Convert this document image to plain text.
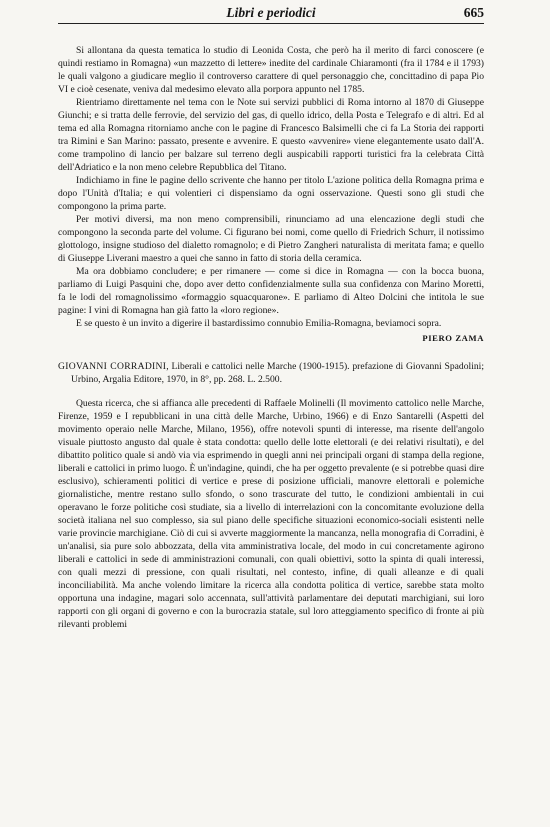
Libri e periodici	665

Si allontana da questa tematica lo studio di Leonida Costa, che però ha il merito di farci conoscere (e quindi restiamo in Romagna) «un mazzetto di lettere» inedite del cardinale Chiaramonti (fra il 1784 e il 1793) le quali valgono a giudicare meglio il controverso carattere di quel personaggio che, concittadino di papa Pio VI e cioè cesenate, veniva dal medesimo elevato alla porpora appunto nel 1785.

Rientriamo direttamente nel tema con le Note sui servizi pubblici di Roma intorno al 1870 di Giuseppe Giunchi; e si tratta delle ferrovie, del servizio del gas, di quello idrico, della Posta e Telegrafo e di altri. Ed al tema ed alla Romagna ritorniamo anche con le pagine di Francesco Balsimelli che ci fa La Storia dei rapporti tra Rimini e San Marino: passato, presente e avvenire. E questo «avvenire» viene elegantemente usato dall'A. come trampolino di lancio per balzare sul terreno degli auspicabili rapporti turistici fra la celebrata Città dell'Adriatico e la non meno celebre Repubblica del Titano.

Indichiamo in fine le pagine dello scrivente che hanno per titolo L'azione politica della Romagna prima e dopo l'Unità d'Italia; e qui volentieri ci dispensiamo da ogni osservazione. Questi sono gli studi che compongono la prima parte.

Per motivi diversi, ma non meno comprensibili, rinunciamo ad una elencazione degli studi che compongono la seconda parte del volume. Ci figurano bei nomi, come quello di Friedrich Schurr, il notissimo glottologo, insigne studioso del dialetto romagnolo; e di Pietro Zangheri naturalista di meritata fama; e quello di Giuseppe Liverani maestro a quei che sanno in fatto di storia della ceramica.

Ma ora dobbiamo concludere; e per rimanere — come si dice in Romagna — con la bocca buona, parliamo di Luigi Pasquini che, dopo aver detto confidenzialmente sulla sua confidenza con Marino Moretti, fa le lodi del romagnolissimo «formaggio squacquarone». E parliamo di Alteo Dolcini che intitola le sue pagine: I vini di Romagna han già fatto la «loro regione».

E se questo è un invito a digerire il bastardissimo connubio Emilia-Romagna, beviamoci sopra.

PIERO ZAMA
GIOVANNI CORRADINI, Liberali e cattolici nelle Marche (1900-1915). prefazione di Giovanni Spadolini; Urbino, Argalia Editore, 1970, in 8°, pp. 268. L. 2.500.

Questa ricerca, che si affianca alle precedenti di Raffaele Molinelli (Il movimento cattolico nelle Marche, Firenze, 1959 e I repubblicani in una città delle Marche, Urbino, 1966) e di Enzo Santarelli (Aspetti del movimento operaio nelle Marche, Milano, 1956), offre notevoli spunti di interesse, ma risente dell'angolo visuale piuttosto angusto dal quale è stata condotta: quello delle lotte elettorali (e dei relativi risultati), e del dibattito politico quale si andò via via esprimendo in quegli anni nei principali organi di stampa della regione, liberali e cattolici in primo luogo. È un'indagine, quindi, che ha per oggetto prevalente (e si potrebbe quasi dire esclusivo), schieramenti politici di vertice e prese di posizione ufficiali, manovre elettorali e polemiche giornalistiche, mentre restano sullo sfondo, o sono trascurate del tutto, le condizioni ambientali in cui operavano le forze politiche così studiate, sia a livello di interrelazioni con la concomitante evoluzione della società italiana nel suo complesso, sia sul piano delle specifiche situazioni economico-sociali esistenti nelle varie provincie marchigiane. Ciò di cui si avverte maggiormente la mancanza, nella monografia di Corradini, è un'analisi, sia pure solo abbozzata, della vita amministrativa locale, del modo in cui concretamente agirono liberali e cattolici in sede di amministrazioni comunali, con quali obiettivi, sotto la spinta di quali interessi, con quali mezzi di pressione, con quali risultati, nel contesto, infine, di quali alleanze e di quali inconciliabilità. Ma anche volendo limitare la ricerca alla condotta politica di vertice, sarebbe stata molto opportuna una indagine, magari solo accennata, sull'attività parlamentare dei deputati marchigiani, sui loro rapporti con gli organi di governo e con la burocrazia statale, sul loro atteggiamento specifico di fronte ai più rilevanti problemi
